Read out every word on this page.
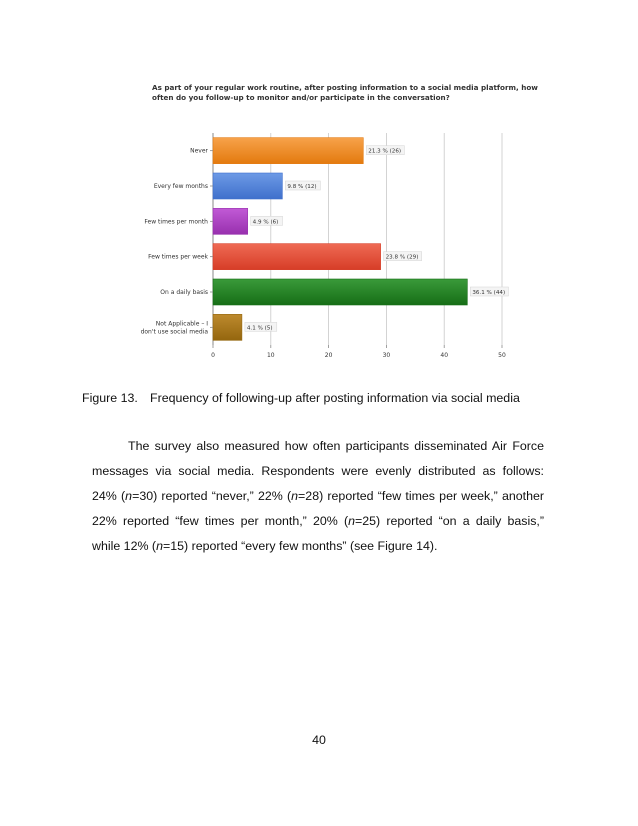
As part of your regular work routine, after posting information to a social media platform, how
often do you follow-up to monitor and/or participate in the conversation?
Never
Every few months
Few times per month
Few times per week
On a daily basis
Not Applicable – I
don't use social media
0	10	20	30	40	50
21.3 % (26)
9.8 % (12)
4.9 % (6)
23.8 % (29)
36.1 % (44)
4.1 % (5)
Figure 13. Frequency of following-up after posting information via social media

The survey also measured how often participants disseminated Air Force
messages via social media. Respondents were evenly distributed as follows:
24% (n=30) reported “never,” 22% (n=28) reported “few times per week,” another
22% reported “few times per month,” 20% (n=25) reported “on a daily basis,”
while 12% (n=15) reported “every few months” (see Figure 14).

40
